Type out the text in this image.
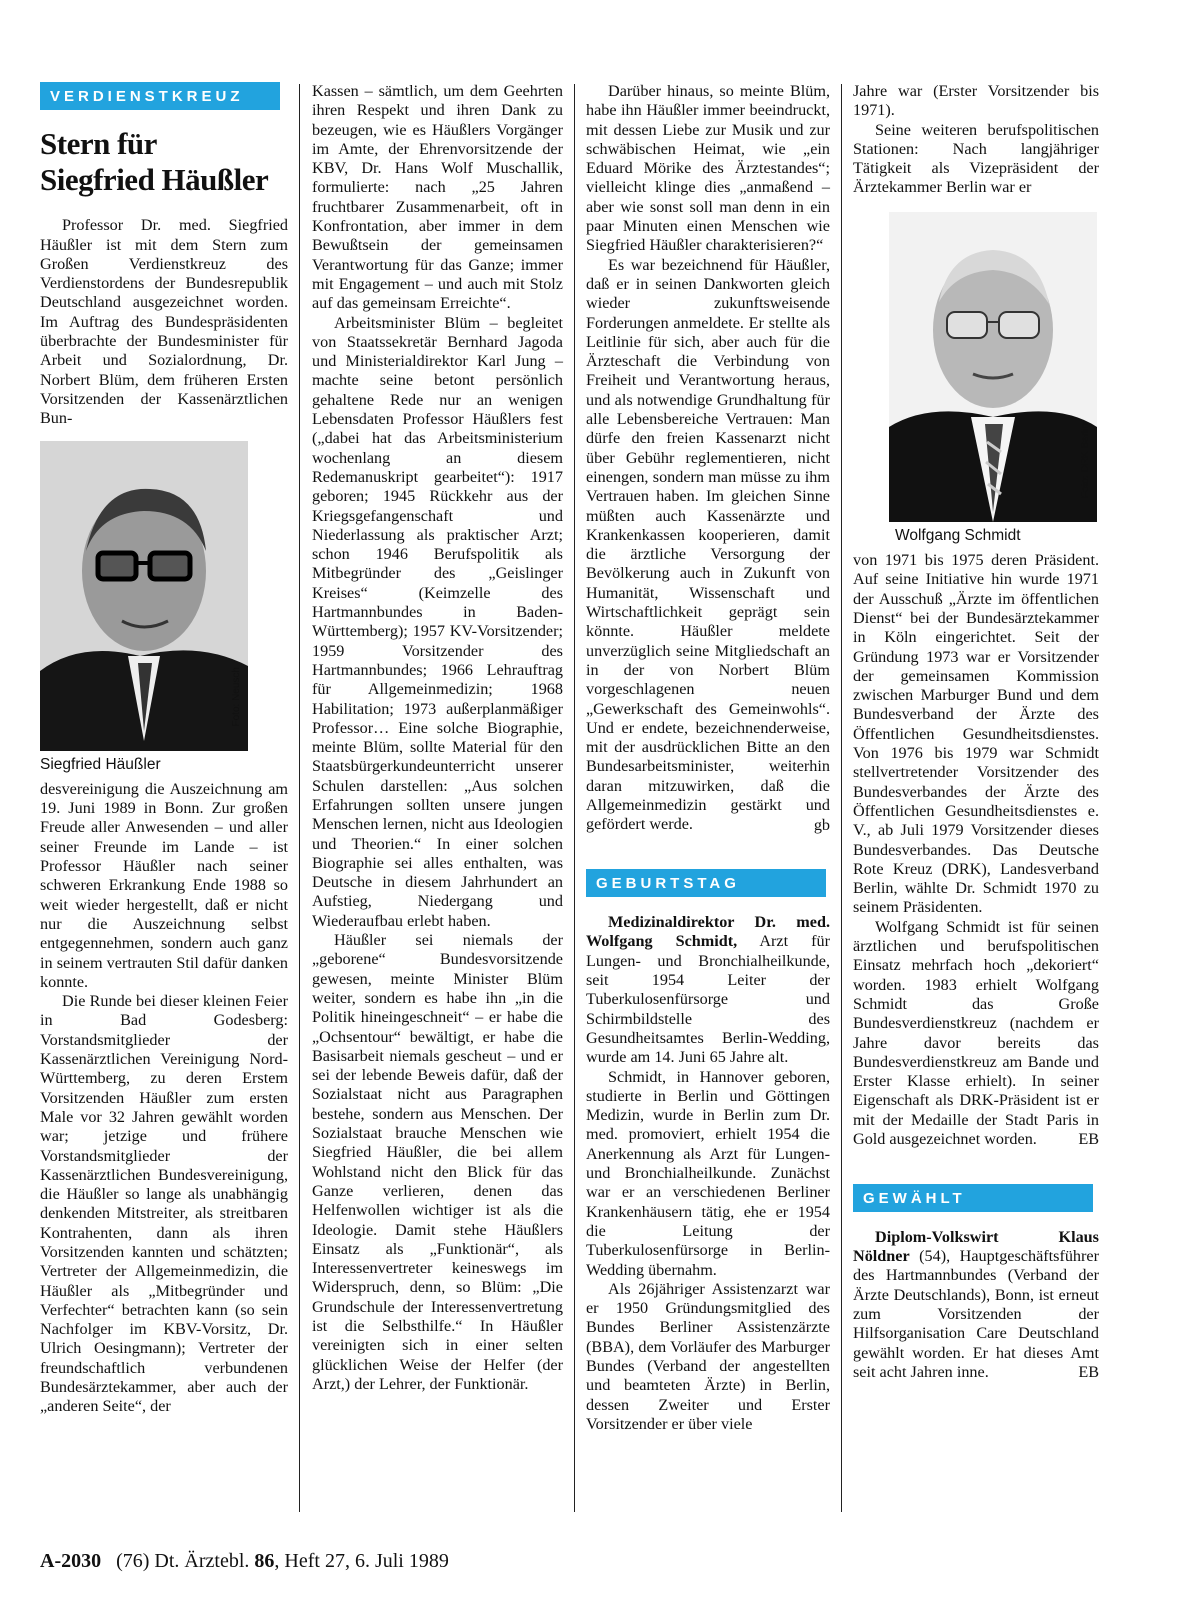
VERDIENSTKREUZ
Stern für
Siegfried Häußler

Professor Dr. med. Siegfried Häußler ist mit dem Stern zum Großen Verdienstkreuz des Verdienstordens der Bundesrepublik Deutschland ausgezeichnet worden. Im Auftrag des Bundespräsidenten überbrachte der Bundesminister für Arbeit und Sozialordnung, Dr. Norbert Blüm, dem früheren Ersten Vorsitzenden der Kassenärztlichen Bun-

Foto: Neusch
Siegfried Häußler

desvereinigung die Auszeichnung am 19. Juni 1989 in Bonn. Zur großen Freude aller Anwesenden – und aller seiner Freunde im Lande – ist Professor Häußler nach seiner schweren Erkrankung Ende 1988 so weit wieder hergestellt, daß er nicht nur die Auszeichnung selbst entgegennehmen, sondern auch ganz in seinem vertrauten Stil dafür danken konnte.

Die Runde bei dieser kleinen Feier in Bad Godesberg: Vorstandsmitglieder der Kassenärztlichen Vereinigung Nord-Württemberg, zu deren Erstem Vorsitzenden Häußler zum ersten Male vor 32 Jahren gewählt worden war; jetzige und frühere Vorstandsmitglieder der Kassenärztlichen Bundesvereinigung, die Häußler so lange als unabhängig denkenden Mitstreiter, als streitbaren Kontrahenten, dann als ihren Vorsitzenden kannten und schätzten; Vertreter der Allgemeinmedizin, die Häußler als „Mitbegründer und Verfechter“ betrachten kann (so sein Nachfolger im KBV-Vorsitz, Dr. Ulrich Oesingmann); Vertreter der freundschaftlich verbundenen Bundesärztekammer, aber auch der „anderen Seite“, der

Kassen – sämtlich, um dem Geehrten ihren Respekt und ihren Dank zu bezeugen, wie es Häußlers Vorgänger im Amte, der Ehrenvorsitzende der KBV, Dr. Hans Wolf Muschallik, formulierte: nach „25 Jahren fruchtbarer Zusammenarbeit, oft in Konfrontation, aber immer in dem Bewußtsein der gemeinsamen Verantwortung für das Ganze; immer mit Engagement – und auch mit Stolz auf das gemeinsam Erreichte“.

Arbeitsminister Blüm – begleitet von Staatssekretär Bernhard Jagoda und Ministerialdirektor Karl Jung – machte seine betont persönlich gehaltene Rede nur an wenigen Lebensdaten Professor Häußlers fest („dabei hat das Arbeitsministerium wochenlang an diesem Redemanuskript gearbeitet“): 1917 geboren; 1945 Rückkehr aus der Kriegsgefangenschaft und Niederlassung als praktischer Arzt; schon 1946 Berufspolitik als Mitbegründer des „Geislinger Kreises“ (Keimzelle des Hartmannbundes in Baden-Württemberg); 1957 KV-Vorsitzender; 1959 Vorsitzender des Hartmannbundes; 1966 Lehrauftrag für Allgemeinmedizin; 1968 Habilitation; 1973 außerplanmäßiger Professor… Eine solche Biographie, meinte Blüm, sollte Material für den Staatsbürgerkundeunterricht unserer Schulen darstellen: „Aus solchen Erfahrungen sollten unsere jungen Menschen lernen, nicht aus Ideologien und Theorien.“ In einer solchen Biographie sei alles enthalten, was Deutsche in diesem Jahrhundert an Aufstieg, Niedergang und Wiederaufbau erlebt haben.

Häußler sei niemals der „geborene“ Bundesvorsitzende gewesen, meinte Minister Blüm weiter, sondern es habe ihn „in die Politik hineingeschneit“ – er habe die „Ochsentour“ bewältigt, er habe die Basisarbeit niemals gescheut – und er sei der lebende Beweis dafür, daß der Sozialstaat nicht aus Paragraphen bestehe, sondern aus Menschen. Der Sozialstaat brauche Menschen wie Siegfried Häußler, die bei allem Wohlstand nicht den Blick für das Ganze verlieren, denen das Helfenwollen wichtiger ist als die Ideologie. Damit stehe Häußlers Einsatz als „Funktionär“, als Interessenvertreter keineswegs im Widerspruch, denn, so Blüm: „Die Grundschule der Interessenvertretung ist die Selbsthilfe.“ In Häußler vereinigten sich in einer selten glücklichen Weise der Helfer (der Arzt,) der Lehrer, der Funktionär.

Darüber hinaus, so meinte Blüm, habe ihn Häußler immer beeindruckt, mit dessen Liebe zur Musik und zur schwäbischen Heimat, wie „ein Eduard Mörike des Ärztestandes“; vielleicht klinge dies „anmaßend – aber wie sonst soll man denn in ein paar Minuten einen Menschen wie Siegfried Häußler charakterisieren?“

Es war bezeichnend für Häußler, daß er in seinen Dankworten gleich wieder zukunftsweisende Forderungen anmeldete. Er stellte als Leitlinie für sich, aber auch für die Ärzteschaft die Verbindung von Freiheit und Verantwortung heraus, und als notwendige Grundhaltung für alle Lebensbereiche Vertrauen: Man dürfe den freien Kassenarzt nicht über Gebühr reglementieren, nicht einengen, sondern man müsse zu ihm Vertrauen haben. Im gleichen Sinne müßten auch Kassenärzte und Krankenkassen kooperieren, damit die ärztliche Versorgung der Bevölkerung auch in Zukunft von Humanität, Wissenschaft und Wirtschaftlichkeit geprägt sein könnte. Häußler meldete unverzüglich seine Mitgliedschaft an in der von Norbert Blüm vorgeschlagenen neuen „Gewerkschaft des Gemeinwohls“. Und er endete, bezeichnenderweise, mit der ausdrücklichen Bitte an den Bundesarbeitsminister, weiterhin daran mitzuwirken, daß die Allgemeinmedizin gestärkt und gefördert werde.	gb
GEBURTSTAG

Medizinaldirektor Dr. med. Wolfgang Schmidt, Arzt für Lungen- und Bronchialheilkunde, seit 1954 Leiter der Tuberkulosenfürsorge und Schirmbildstelle des Gesundheitsamtes Berlin-Wedding, wurde am 14. Juni 65 Jahre alt.

Schmidt, in Hannover geboren, studierte in Berlin und Göttingen Medizin, wurde in Berlin zum Dr. med. promoviert, erhielt 1954 die Anerkennung als Arzt für Lungen- und Bronchialheilkunde. Zunächst war er an verschiedenen Berliner Krankenhäusern tätig, ehe er 1954 die Leitung der Tuberkulosenfürsorge in Berlin-Wedding übernahm.

Als 26jähriger Assistenzarzt war er 1950 Gründungsmitglied des Bundes Berliner Assistenzärzte (BBA), dem Vorläufer des Marburger Bundes (Verband der angestellten und beamteten Ärzte) in Berlin, dessen Zweiter und Erster Vorsitzender er über viele

Jahre war (Erster Vorsitzender bis 1971).

Seine weiteren berufspolitischen Stationen: Nach langjähriger Tätigkeit als Vizepräsident der Ärztekammer Berlin war er

Foto: DRK Berlin
Wolfgang Schmidt

von 1971 bis 1975 deren Präsident. Auf seine Initiative hin wurde 1971 der Ausschuß „Ärzte im öffentlichen Dienst“ bei der Bundesärztekammer in Köln eingerichtet. Seit der Gründung 1973 war er Vorsitzender der gemeinsamen Kommission zwischen Marburger Bund und dem Bundesverband der Ärzte des Öffentlichen Gesundheitsdienstes. Von 1976 bis 1979 war Schmidt stellvertretender Vorsitzender des Bundesverbandes der Ärzte des Öffentlichen Gesundheitsdienstes e. V., ab Juli 1979 Vorsitzender dieses Bundesverbandes. Das Deutsche Rote Kreuz (DRK), Landesverband Berlin, wählte Dr. Schmidt 1970 zu seinem Präsidenten.

Wolfgang Schmidt ist für seinen ärztlichen und berufspolitischen Einsatz mehrfach hoch „dekoriert“ worden. 1983 erhielt Wolfgang Schmidt das Große Bundesverdienstkreuz (nachdem er Jahre davor bereits das Bundesverdienstkreuz am Bande und Erster Klasse erhielt). In seiner Eigenschaft als DRK-Präsident ist er mit der Medaille der Stadt Paris in Gold ausgezeichnet worden.	EB
GEWÄHLT

Diplom-Volkswirt Klaus Nöldner (54), Hauptgeschäftsführer des Hartmannbundes (Verband der Ärzte Deutschlands), Bonn, ist erneut zum Vorsitzenden der Hilfsorganisation Care Deutschland gewählt worden. Er hat dieses Amt seit acht Jahren inne.	EB
A-2030 (76) Dt. Ärztebl. 86, Heft 27, 6. Juli 1989
